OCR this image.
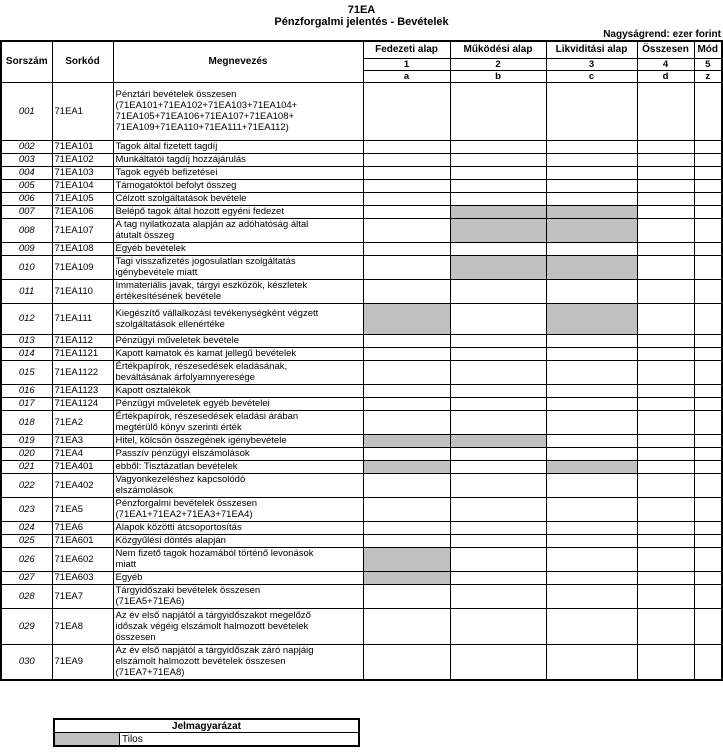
71EA
Pénzforgalmi jelentés - Bevételek
Nagyságrend: ezer forint
Sorszám	Sorkód	Megnevezés	Fedezeti alap	Működési alap	Likviditási alap	Összesen	Mód
			1	2	3	4	5
			a	b	c	d	z
001	71EA1	Pénztári bevételek összesen
(71EA101+71EA102+71EA103+71EA104+
71EA105+71EA106+71EA107+71EA108+
71EA109+71EA110+71EA111+71EA112)					
002	71EA101	Tagok által fizetett tagdíj					
003	71EA102	Munkáltatói tagdíj hozzájárulás					
004	71EA103	Tagok egyéb befizetései					
005	71EA104	Támogatóktól befolyt összeg					
006	71EA105	Célzott szolgáltatások bevétele					
007	71EA106	Belépő tagok által hozott egyéni fedezet					
008	71EA107	A tag nyilatkozata alapján az adóhatóság által
átutalt összeg					
009	71EA108	Egyéb bevételek					
010	71EA109	Tagi visszafizetés jogosulatlan szolgáltatás
igénybevétele miatt					
011	71EA110	Immateriális javak, tárgyi eszközök, készletek
értékesítésének bevétele					
012	71EA111	Kiegészítő vállalkozási tevékenységként végzett
szolgáltatások ellenértéke					
013	71EA112	Pénzügyi műveletek bevétele					
014	71EA1121	Kapott kamatok és kamat jellegű bevételek					
015	71EA1122	Értékpapírok, részesedések eladásának,
beváltásának árfolyamnyeresége					
016	71EA1123	Kapott osztalékok					
017	71EA1124	Pénzügyi műveletek egyéb bevételei					
018	71EA2	Értékpapírok, részesedések eladási árában
megtérülő könyv szerinti érték					
019	71EA3	Hitel, kölcsön összegének igénybevétele					
020	71EA4	Passzív pénzügyi elszámolások					
021	71EA401	ebből: Tisztázatlan bevételek					
022	71EA402	Vagyonkezeléshez kapcsolódó
elszámolások					
023	71EA5	Pénzforgalmi bevételek összesen
(71EA1+71EA2+71EA3+71EA4)					
024	71EA6	Alapok közötti átcsoportosítás					
025	71EA601	Közgyűlési döntés alapján					
026	71EA602	Nem fizető tagok hozamából történő levonások
miatt					
027	71EA603	Egyéb					
028	71EA7	Tárgyidőszaki bevételek összesen
(71EA5+71EA6)					
029	71EA8	Az év első napjától a tárgyidőszakot megelőző
időszak végéig elszámolt halmozott bevételek
összesen					
030	71EA9	Az év első napjától a tárgyidőszak záró napjáig
elszámolt halmozott bevételek összesen
(71EA7+71EA8)					
Jelmagyarázat
	Tilos
